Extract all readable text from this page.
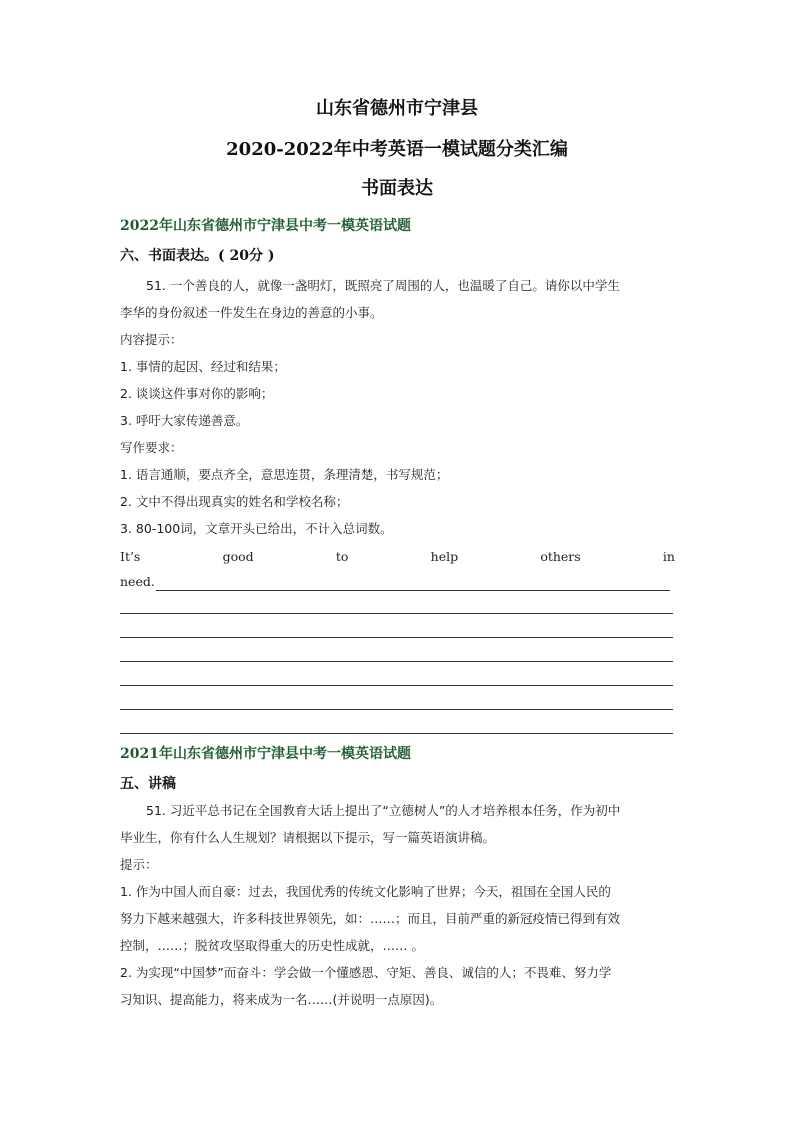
山东省德州市宁津县
2020-2022年中考英语一模试题分类汇编
书面表达
2022年山东省德州市宁津县中考一模英语试题
六、书面表达。( 20分 )
51. 一个善良的人，就像一盏明灯，既照亮了周围的人，也温暖了自己。请你以中学生
李华的身份叙述一件发生在身边的善意的小事。
内容提示：
1. 事情的起因、经过和结果；
2. 谈谈这件事对你的影响；
3. 呼吁大家传递善意。
写作要求：
1. 语言通顺，要点齐全，意思连贯，条理清楚，书写规范；
2. 文中不得出现真实的姓名和学校名称；
3. 80-100词，文章开头已给出，不计入总词数。
It’s	good	to	help	others	in
need.
2021年山东省德州市宁津县中考一模英语试题
五、讲稿
51. 习近平总书记在全国教育大话上提出了“立德树人”的人才培养根本任务，作为初中
毕业生，你有什么人生规划？请根据以下提示，写一篇英语演讲稿。
提示：
1. 作为中国人而自豪：过去，我国优秀的传统文化影响了世界；今天，祖国在全国人民的
努力下越来越强大，许多科技世界领先，如：……；而且，目前严重的新冠疫情已得到有效
控制，……；脱贫攻坚取得重大的历史性成就，…… 。
2. 为实现“中国梦”而奋斗：学会做一个懂感恩、守矩、善良、诚信的人；不畏难、努力学
习知识、提高能力，将来成为一名……(并说明一点原因)。
